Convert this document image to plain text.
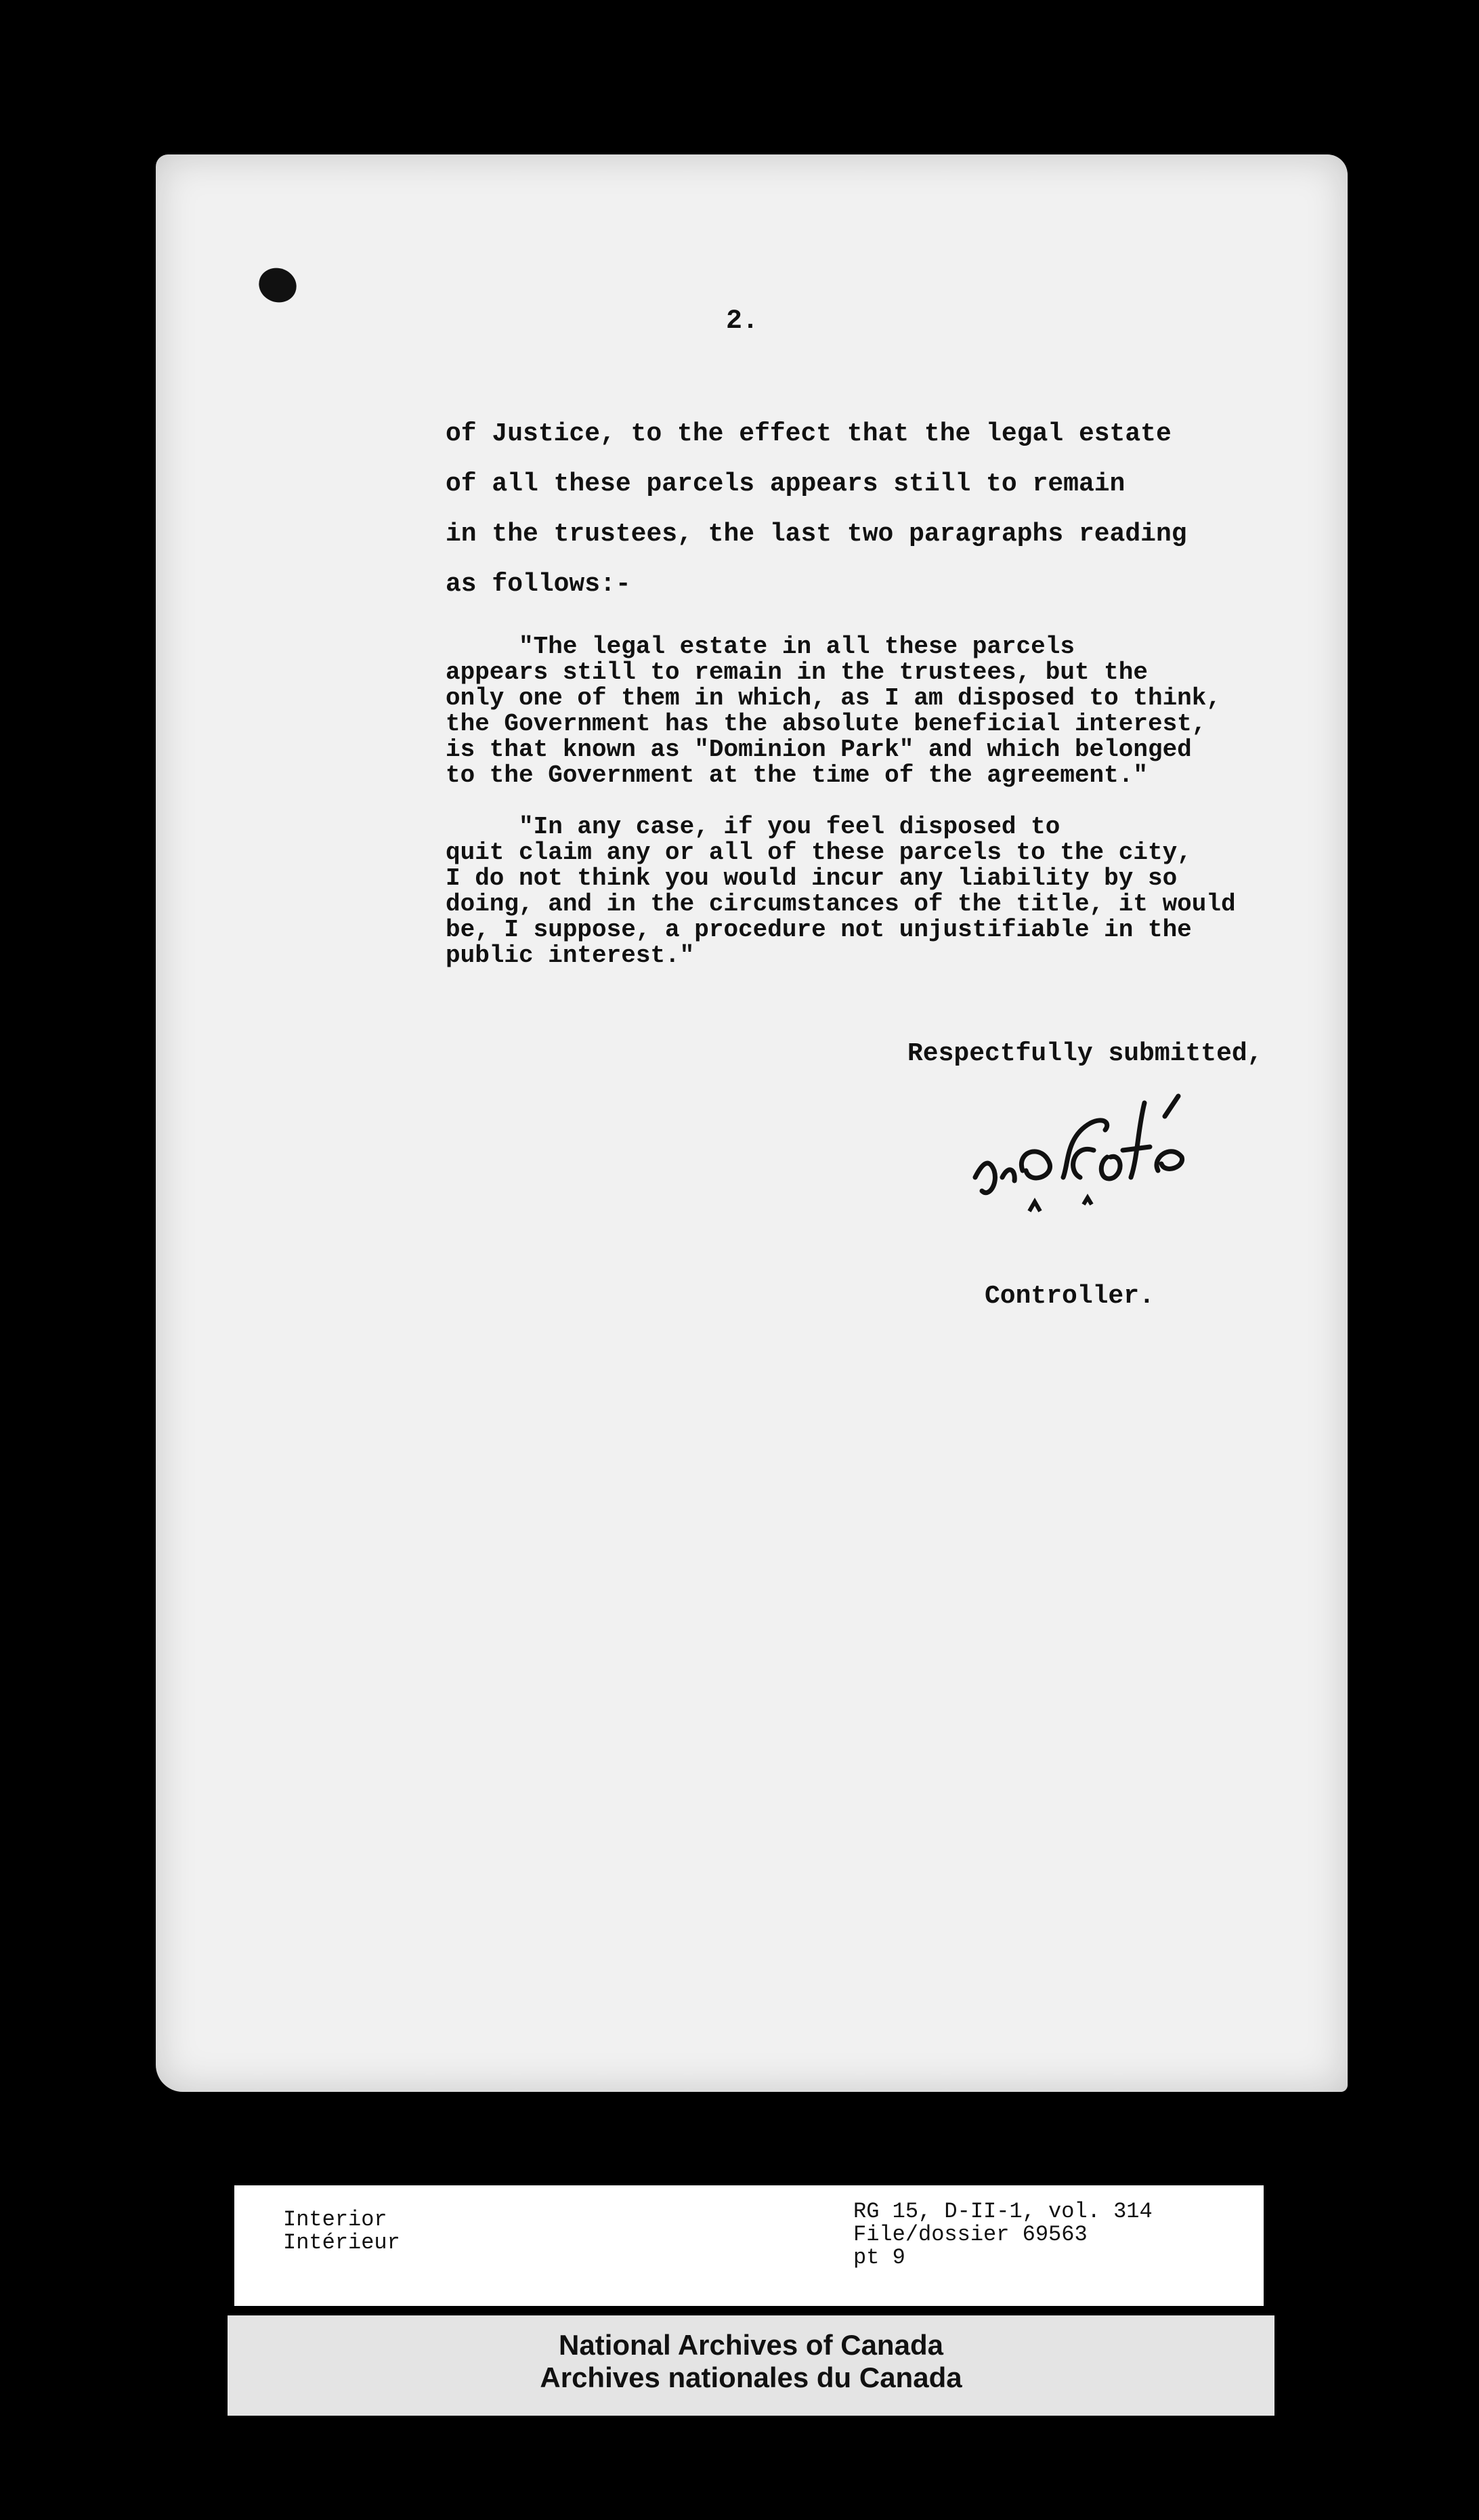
2.
of Justice, to the effect that the legal estate
of all these parcels appears still to remain
in the trustees, the last two paragraphs reading
as follows:-
"The legal estate in all these parcels
appears still to remain in the trustees, but the
only one of them in which, as I am disposed to think,
the Government has the absolute beneficial interest,
is that known as "Dominion Park" and which belonged
to the Government at the time of the agreement."
"In any case, if you feel disposed to
quit claim any or all of these parcels to the city,
I do not think you would incur any liability by so
doing, and in the circumstances of the title, it would
be, I suppose, a procedure not unjustifiable in the
public interest."
Respectfully submitted,
Controller.
Interior
Intérieur
RG 15, D-II-1, vol. 314
File/dossier 69563
pt 9
National Archives of Canada
Archives nationales du Canada
